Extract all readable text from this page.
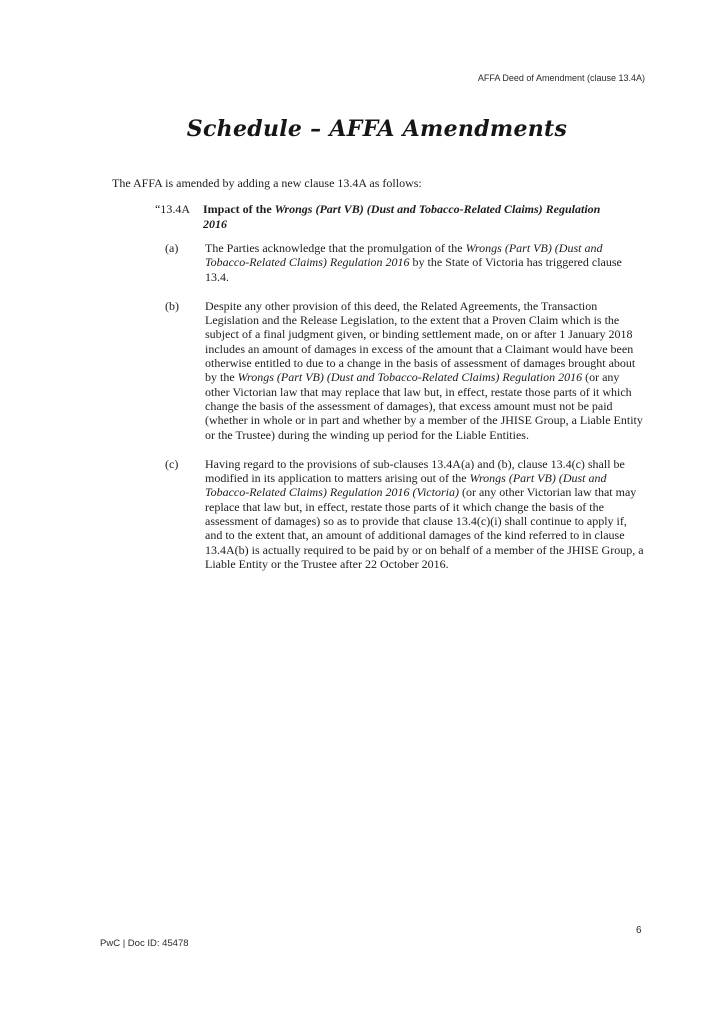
AFFA Deed of Amendment (clause 13.4A)
Schedule – AFFA Amendments

The AFFA is amended by adding a new clause 13.4A as follows:

“13.4A	Impact of the Wrongs (Part VB) (Dust and Tobacco-Related Claims) Regulation 2016
(a)	The Parties acknowledge that the promulgation of the Wrongs (Part VB) (Dust and Tobacco-Related Claims) Regulation 2016 by the State of Victoria has triggered clause 13.4.
(b)	Despite any other provision of this deed, the Related Agreements, the Transaction Legislation and the Release Legislation, to the extent that a Proven Claim which is the subject of a final judgment given, or binding settlement made, on or after 1 January 2018 includes an amount of damages in excess of the amount that a Claimant would have been otherwise entitled to due to a change in the basis of assessment of damages brought about by the Wrongs (Part VB) (Dust and Tobacco-Related Claims) Regulation 2016 (or any other Victorian law that may replace that law but, in effect, restate those parts of it which change the basis of the assessment of damages), that excess amount must not be paid (whether in whole or in part and whether by a member of the JHISE Group, a Liable Entity or the Trustee) during the winding up period for the Liable Entities.
(c)	Having regard to the provisions of sub-clauses 13.4A(a) and (b), clause 13.4(c) shall be modified in its application to matters arising out of the Wrongs (Part VB) (Dust and Tobacco-Related Claims) Regulation 2016 (Victoria) (or any other Victorian law that may replace that law but, in effect, restate those parts of it which change the basis of the assessment of damages) so as to provide that clause 13.4(c)(i) shall continue to apply if, and to the extent that, an amount of additional damages of the kind referred to in clause 13.4A(b) is actually required to be paid by or on behalf of a member of the JHISE Group, a Liable Entity or the Trustee after 22 October 2016.
6
PwC | Doc ID: 45478
